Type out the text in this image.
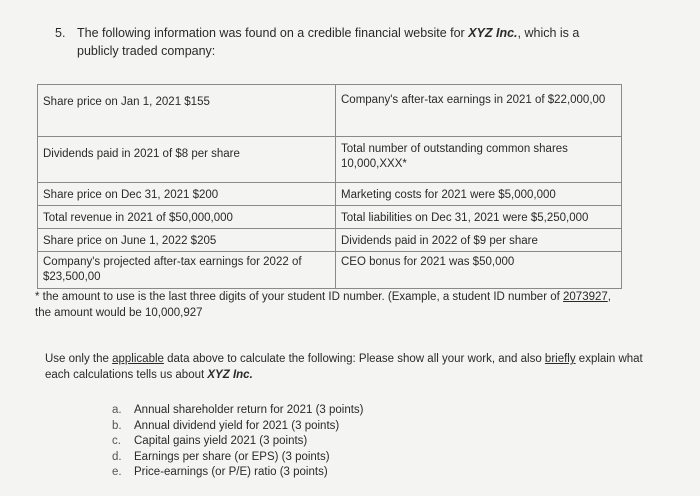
5. The following information was found on a credible financial website for XYZ Inc., which is a
publicly traded company:
Share price on Jan 1, 2021 $155	Company's after-tax earnings in 2021 of $22,000,00
Dividends paid in 2021 of $8 per share	Total number of outstanding common shares 10,000,XXX*
Share price on Dec 31, 2021 $200	Marketing costs for 2021 were $5,000,000
Total revenue in 2021 of $50,000,000	Total liabilities on Dec 31, 2021 were $5,250,000
Share price on June 1, 2022 $205	Dividends paid in 2022 of $9 per share
Company's projected after-tax earnings for 2022 of $23,500,00	CEO bonus for 2021 was $50,000
* the amount to use is the last three digits of your student ID number. (Example, a student ID number of 2073927, the amount would be 10,000,927
Use only the applicable data above to calculate the following: Please show all your work, and also briefly explain what each calculations tells us about XYZ Inc.
a.	Annual shareholder return for 2021 (3 points)
b.	Annual dividend yield for 2021 (3 points)
c.	Capital gains yield 2021 (3 points)
d.	Earnings per share (or EPS) (3 points)
e.	Price-earnings (or P/E) ratio (3 points)
